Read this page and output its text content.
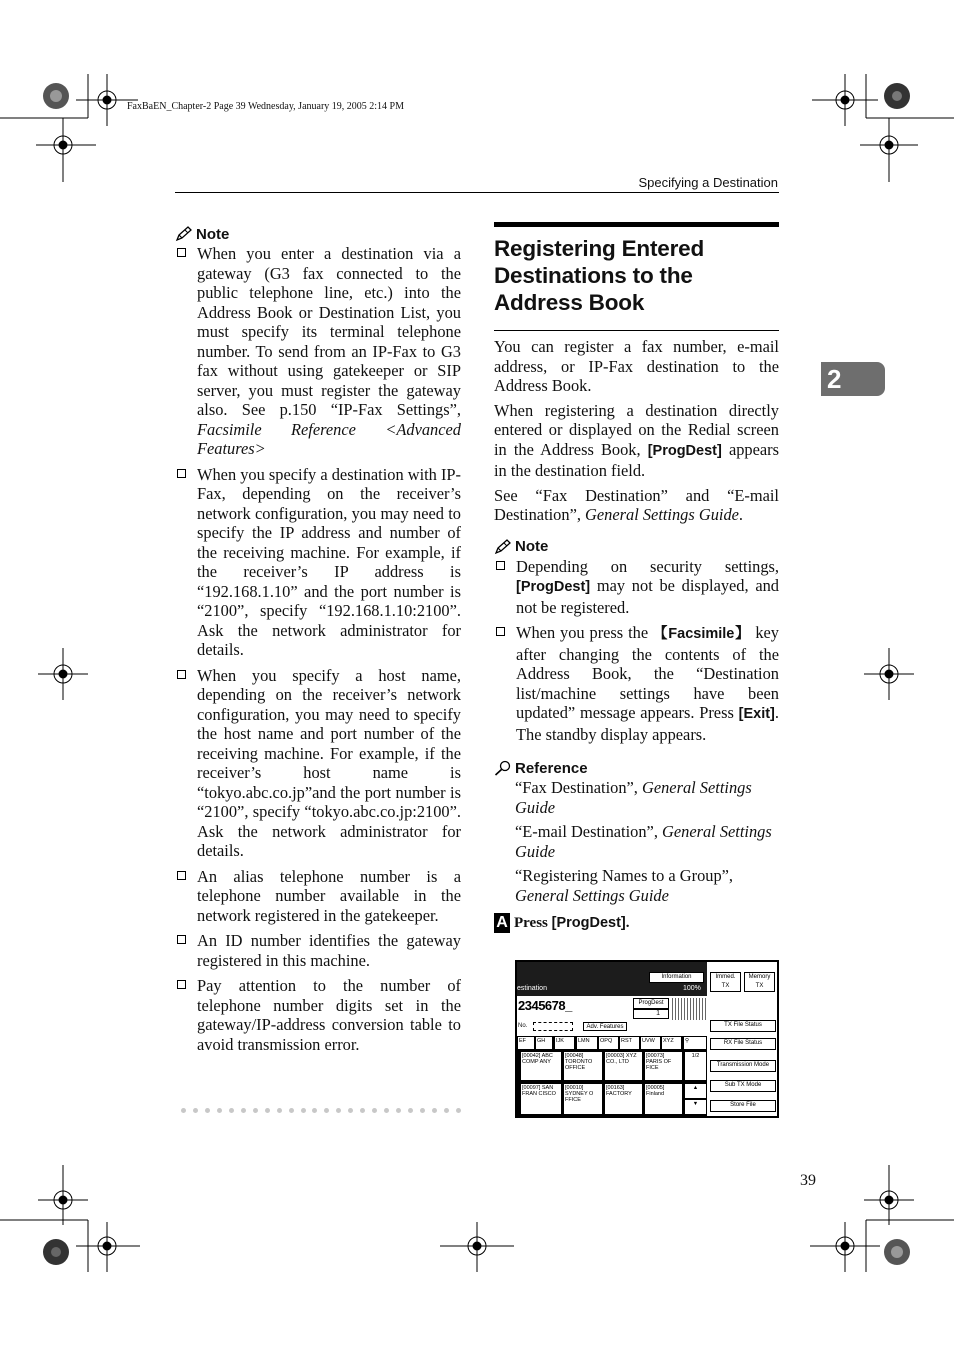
FaxBaEN_Chapter-2 Page 39 Wednesday, January 19, 2005 2:14 PM
Specifying a Destination
2
Note
When you enter a destination via a gateway (G3 fax connected to the public telephone line, etc.) into the Address Book or Destination List, you must specify its terminal telephone number. To send from an IP-Fax to G3 fax without using gatekeeper or SIP server, you must register the gateway also. See p.150 “IP-Fax Settings”, Facsimile Reference <Advanced Features>
When you specify a destination with IP-Fax, depending on the receiver’s network configuration, you may need to specify the IP address and number of the receiving machine. For example, if the receiver’s IP address is “192.168.1.10” and the port number is “2100”, specify “192.168.1.10:2100”. Ask the network administrator for details.
When you specify a host name, depending on the receiver’s network configuration, you may need to specify the host name and port number of the receiving machine. For example, if the receiver’s host name is “tokyo.abc.co.jp”and the port number is “2100”, specify “tokyo.abc.co.jp:2100”. Ask the network administrator for details.
An alias telephone number is a telephone number available in the network registered in the gatekeeper.
An ID number identifies the gateway registered in this machine.
Pay attention to the number of telephone number digits set in the gateway/IP-address conversion table to avoid transmission error.
Registering Entered Destinations to the Address Book

You can register a fax number, e-mail address, or IP-Fax destination to the Address Book.

When registering a destination directly entered or displayed on the Redial screen in the Address Book, [ProgDest] appears in the destination field.

See “Fax Destination” and “E-mail Destination”, General Settings Guide.

Note
Depending on security settings, [ProgDest] may not be displayed, and not be registered.
When you press the 【Facsimile】 key after changing the contents of the Address Book, the “Destination list/machine settings have been updated” message appears. Press [Exit]. The standby display appears.
Reference

“Fax Destination”, General Settings Guide

“E-mail Destination”, General Settings Guide

“Registering Names to a Group”, General Settings Guide

A Press [ProgDest].
Information
100%
estination
2345678_	ProgDest
1
No.	Adv. Features
EF	GH	IJK	LMN	OPQ	RST	UVW	XYZ	⚲
[00042] ABC COMP ANY
[00048] TORONTO OFFICE
[00003] XYZ CO., LTD
[00073] PARIS OF FICE
1/2
[00097] SAN FRAN CISCO
[00010] SYDNEY O FFICE
[00163] FACTORY
[00005] Finland
▲
▼
Immed. TX
Memory TX
TX File Status
RX File Status
Transmission Mode
Sub TX Mode
Store File
39
